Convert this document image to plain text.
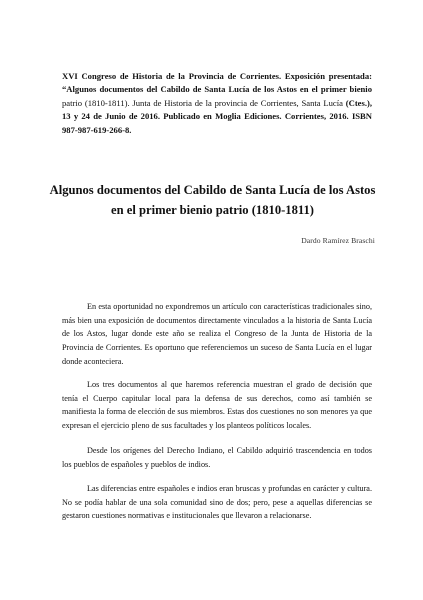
XVI Congreso de Historia de la Provincia de Corrientes. Exposición presentada: “Algunos documentos del Cabildo de Santa Lucía de los Astos en el primer bienio patrio (1810-1811). Junta de Historia de la provincia de Corrientes, Santa Lucía (Ctes.), 13 y 24 de Junio de 2016. Publicado en Moglia Ediciones. Corrientes, 2016. ISBN 987-987-619-266-8.
Algunos documentos del Cabildo de Santa Lucía de los Astos
en el primer bienio patrio (1810-1811)
Dardo Ramírez Braschi

En esta oportunidad no expondremos un artículo con características tradicionales sino, más bien una exposición de documentos directamente vinculados a la historia de Santa Lucía de los Astos, lugar donde este año se realiza el Congreso de la Junta de Historia de la Provincia de Corrientes. Es oportuno que referenciemos un suceso de Santa Lucía en el lugar donde aconteciera.

Los tres documentos al que haremos referencia muestran el grado de decisión que tenía el Cuerpo capitular local para la defensa de sus derechos, como así también se manifiesta la forma de elección de sus miembros. Estas dos cuestiones no son menores ya que expresan el ejercicio pleno de sus facultades y los planteos políticos locales.

Desde los orígenes del Derecho Indiano, el Cabildo adquirió trascendencia en todos los pueblos de españoles y pueblos de indios.

Las diferencias entre españoles e indios eran bruscas y profundas en carácter y cultura. No se podía hablar de una sola comunidad sino de dos; pero, pese a aquellas diferencias se gestaron cuestiones normativas e institucionales que llevaron a relacionarse.
